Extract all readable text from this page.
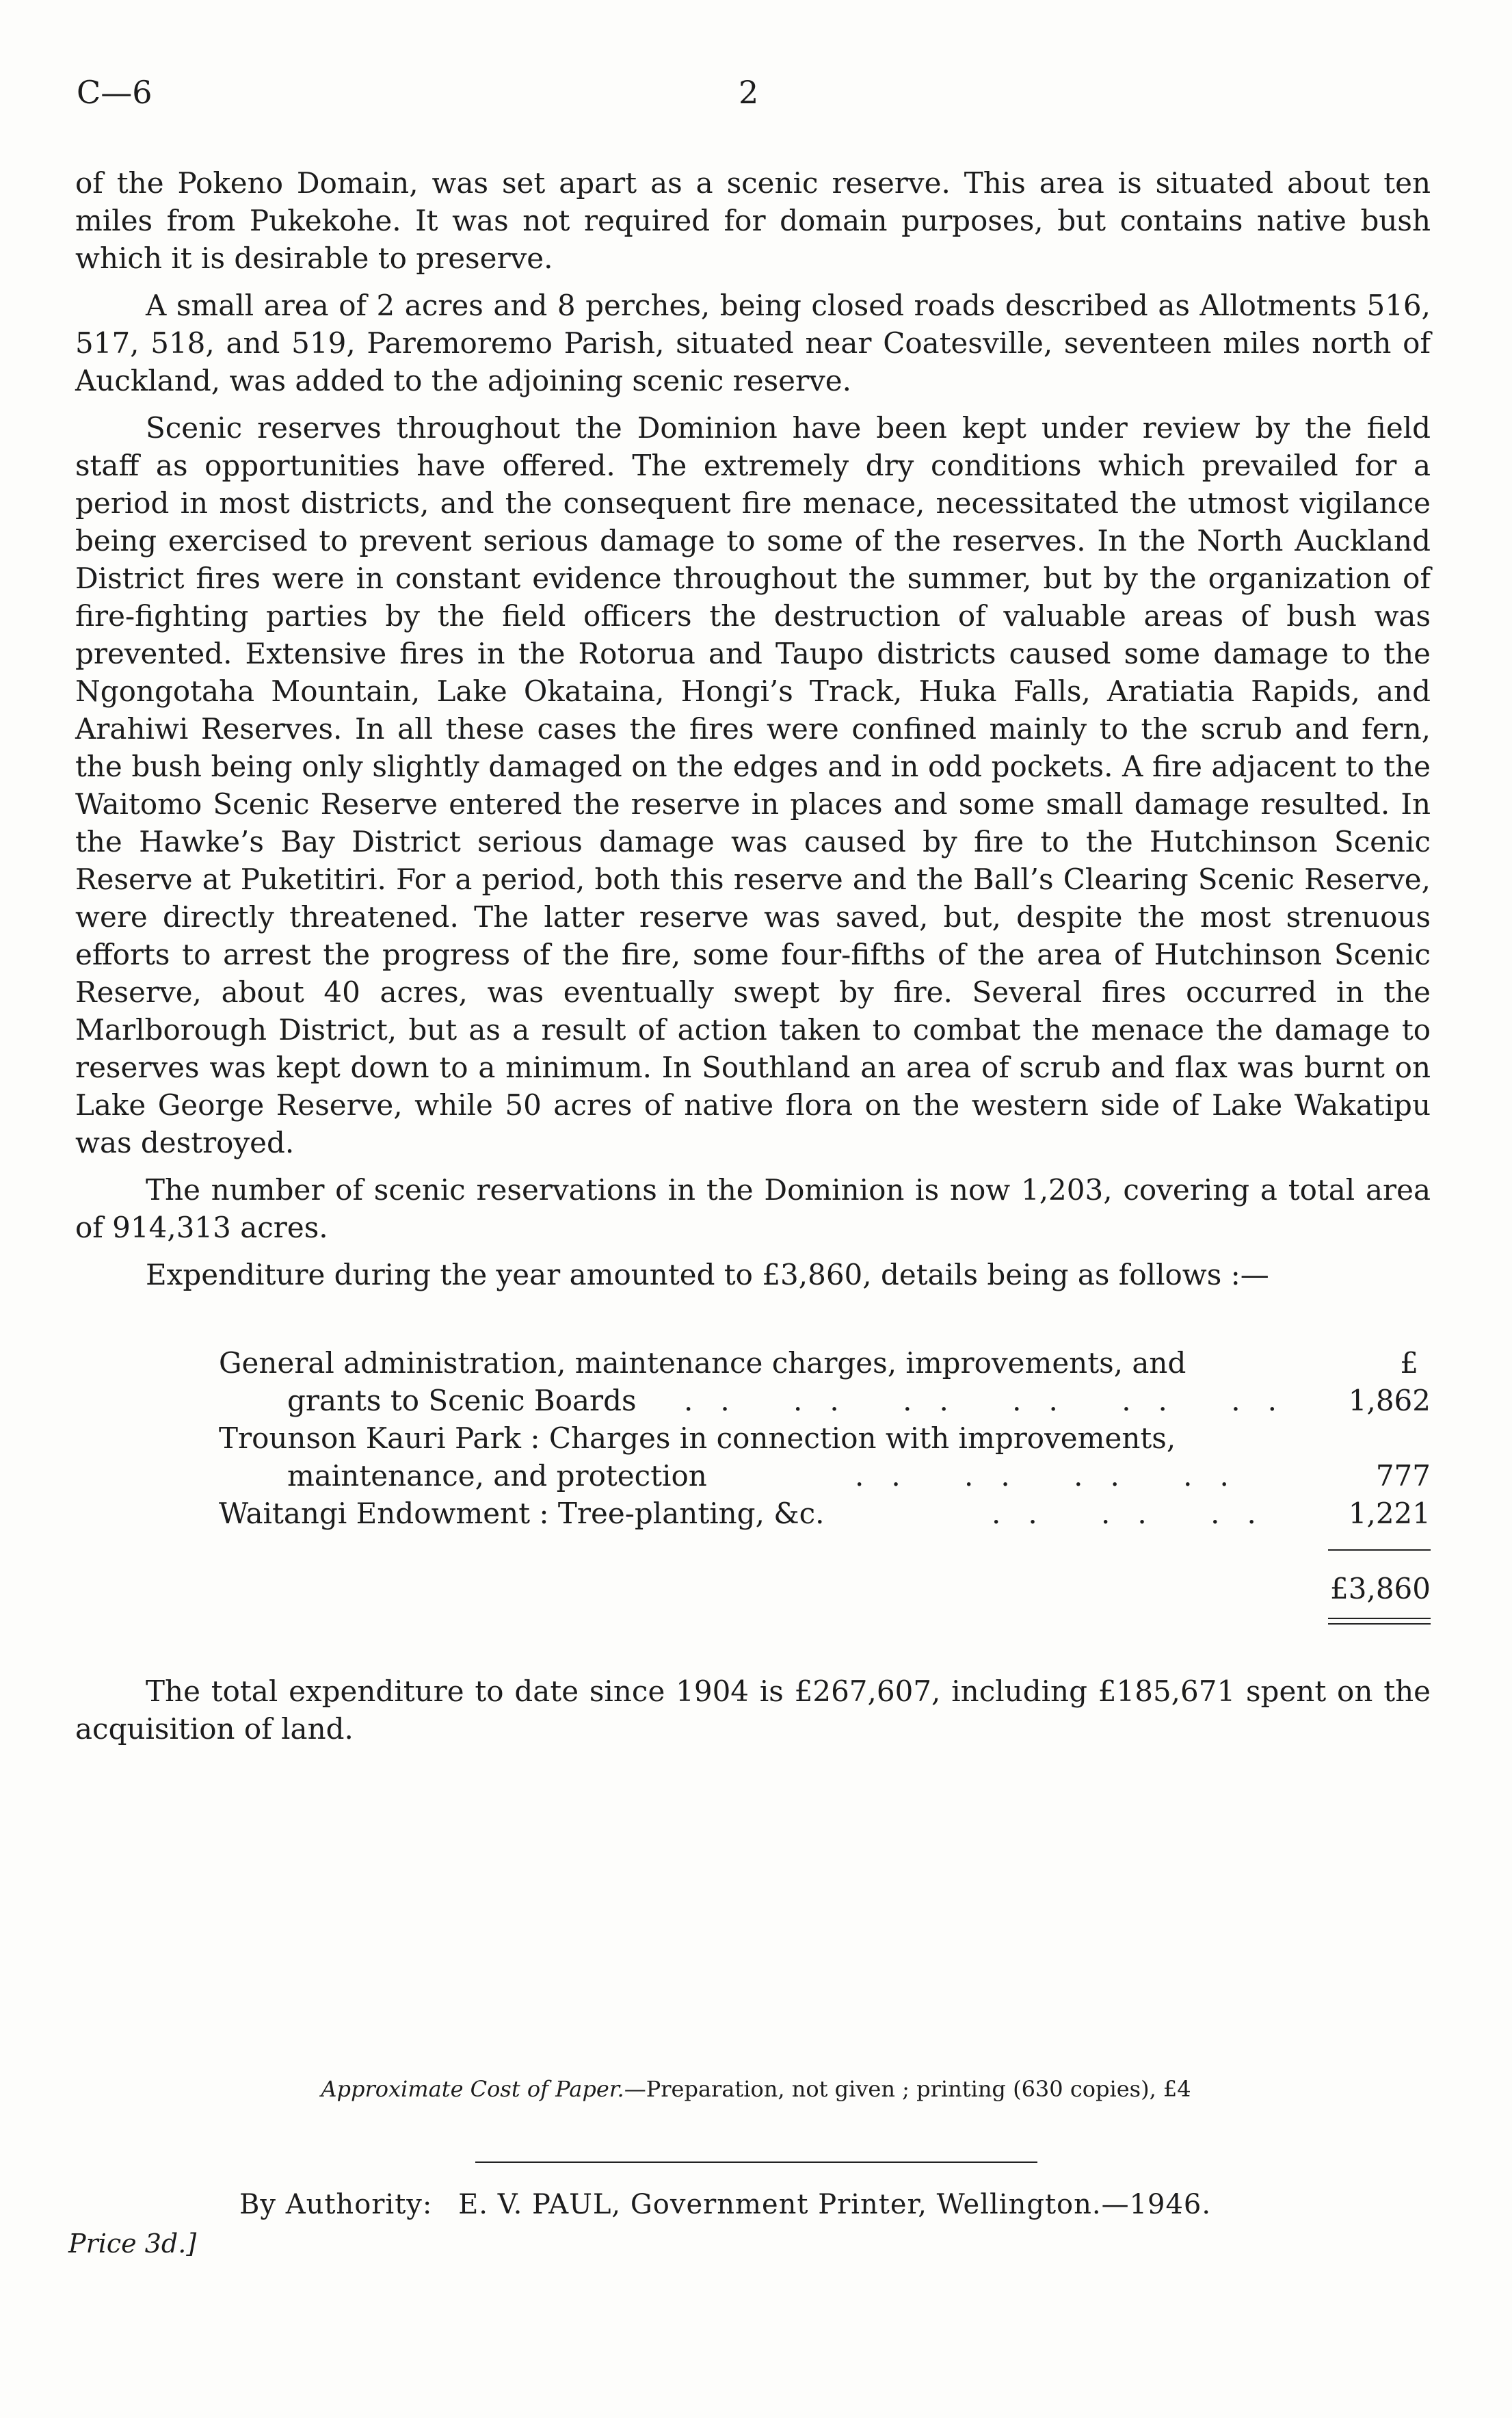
C—6	2

of the Pokeno Domain, was set apart as a scenic reserve. This area is situated about ten miles from Pukekohe. It was not required for domain purposes, but contains native bush which it is desirable to preserve.

A small area of 2 acres and 8 perches, being closed roads described as Allotments 516, 517, 518, and 519, Paremoremo Parish, situated near Coatesville, seventeen miles north of Auckland, was added to the adjoining scenic reserve.

Scenic reserves throughout the Dominion have been kept under review by the field staff as opportunities have offered. The extremely dry conditions which prevailed for a period in most districts, and the consequent fire menace, necessitated the utmost vigilance being exercised to prevent serious damage to some of the reserves. In the North Auckland District fires were in constant evidence throughout the summer, but by the organization of fire-fighting parties by the field officers the destruction of valuable areas of bush was prevented. Extensive fires in the Rotorua and Taupo districts caused some damage to the Ngongotaha Mountain, Lake Okataina, Hongi’s Track, Huka Falls, Aratiatia Rapids, and Arahiwi Reserves. In all these cases the fires were confined mainly to the scrub and fern, the bush being only slightly damaged on the edges and in odd pockets. A fire adjacent to the Waitomo Scenic Reserve entered the reserve in places and some small damage resulted. In the Hawke’s Bay District serious damage was caused by fire to the Hutchinson Scenic Reserve at Puketitiri. For a period, both this reserve and the Ball’s Clearing Scenic Reserve, were directly threatened. The latter reserve was saved, but, despite the most strenuous efforts to arrest the progress of the fire, some four-fifths of the area of Hutchinson Scenic Reserve, about 40 acres, was eventually swept by fire. Several fires occurred in the Marlborough District, but as a result of action taken to combat the menace the damage to reserves was kept down to a minimum. In Southland an area of scrub and flax was burnt on Lake George Reserve, while 50 acres of native flora on the western side of Lake Wakatipu was destroyed.

The number of scenic reservations in the Dominion is now 1,203, covering a total area of 914,313 acres.

Expenditure during the year amounted to £3,860, details being as follows :—

General administration, maintenance charges, improvements, and	£
grants to Scenic Boards .. .. .. .. .. .. 1,862
Trounson Kauri Park : Charges in connection with improvements,
maintenance, and protection	.. .. .. ..	777
Waitangi Endowment : Tree-planting, &c.	.. .. .. 1,221
£3,860

The total expenditure to date since 1904 is £267,607, including £185,671 spent on the acquisition of land.

Approximate Cost of Paper.—Preparation, not given ; printing (630 copies), £4
By Authority: E. V. PAUL, Government Printer, Wellington.—1946.
Price 3d.]
